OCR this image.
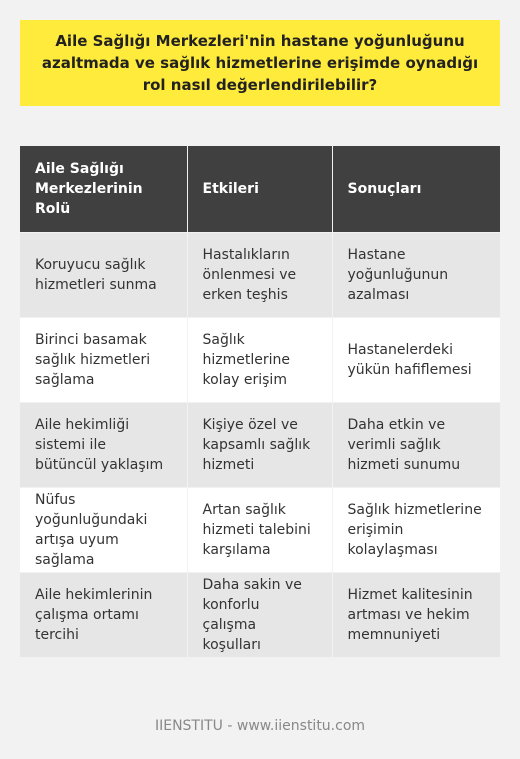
Aile Sağlığı Merkezleri'nin hastane yoğunluğunu azaltmada ve sağlık hizmetlerine erişimde oynadığı rol nasıl değerlendirilebilir?
Aile Sağlığı Merkezlerinin Rolü	Etkileri	Sonuçları
Koruyucu sağlık hizmetleri sunma	Hastalıkların önlenmesi ve erken teşhis	Hastane yoğunluğunun azalması
Birinci basamak sağlık hizmetleri sağlama	Sağlık hizmetlerine kolay erişim	Hastanelerdeki yükün hafiflemesi
Aile hekimliği sistemi ile bütüncül yaklaşım	Kişiye özel ve kapsamlı sağlık hizmeti	Daha etkin ve verimli sağlık hizmeti sunumu
Nüfus yoğunluğundaki artışa uyum sağlama	Artan sağlık hizmeti talebini karşılama	Sağlık hizmetlerine erişimin kolaylaşması
Aile hekimlerinin çalışma ortamı tercihi	Daha sakin ve konforlu çalışma koşulları	Hizmet kalitesinin artması ve hekim memnuniyeti
IIENSTITU - www.iienstitu.com
